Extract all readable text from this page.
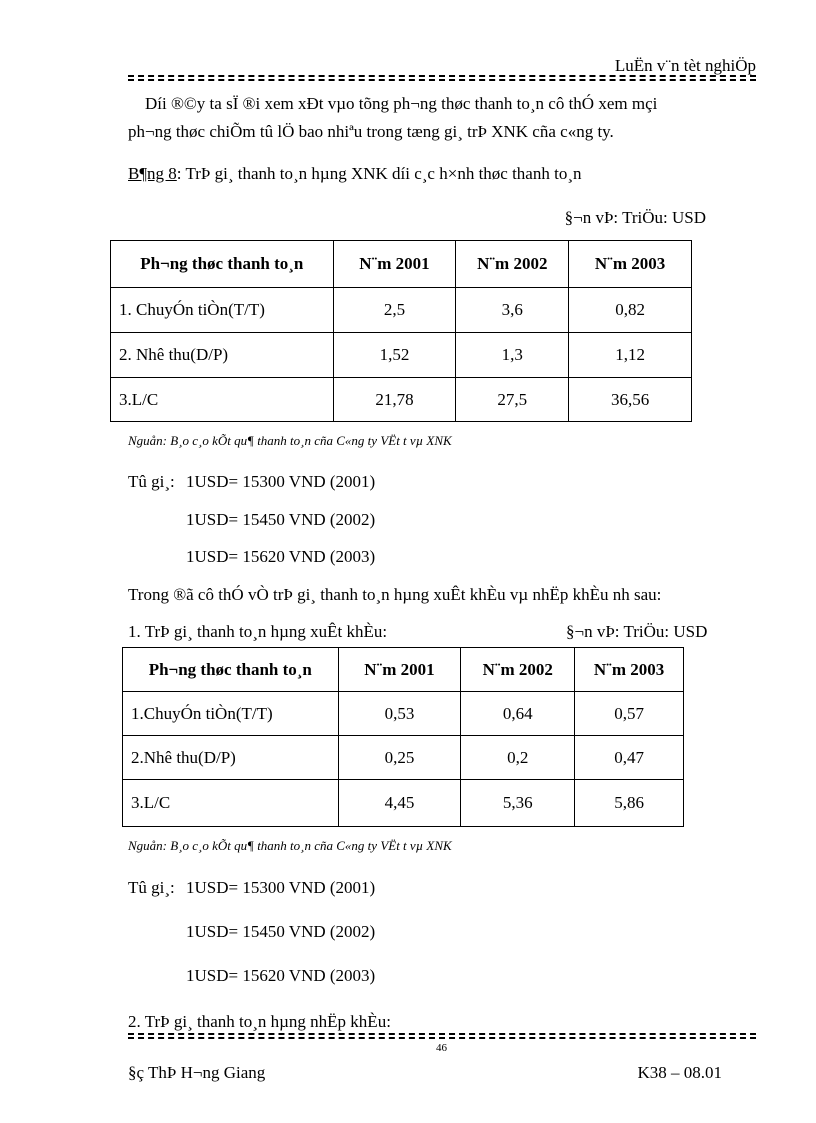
LuËn v¨n tèt nghiÖp
Díi ®©y ta sÏ ®i xem xÐt vµo tõng ph¬ng thøc thanh to¸n cô thÓ xem mçi
ph¬ng thøc chiÕm tû lÖ bao nhiªu trong tæng gi¸ trÞ XNK cña c«ng ty.
B¶ng 8: TrÞ gi¸ thanh to¸n hµng XNK díi c¸c h×nh thøc thanh to¸n
§¬n vÞ: TriÖu: USD
Ph¬ng thøc thanh to¸n	N¨m 2001	N¨m 2002	N¨m 2003
1. ChuyÓn tiÒn(T/T)	2,5	3,6	0,82
2. Nhê thu(D/P)	1,52	1,3	1,12
3.L/C	21,78	27,5	36,56
Nguån: B¸o c¸o kÕt qu¶ thanh to¸n cña C«ng ty VËt t vµ XNK
Tû gi¸: 1USD= 15300 VND (2001)
1USD= 15450 VND (2002)
1USD= 15620 VND (2003)
Trong ®ã cô thÓ vÒ trÞ gi¸ thanh to¸n hµng xuÊt khÈu vµ nhËp khÈu nh sau:
1. TrÞ gi¸ thanh to¸n hµng xuÊt khÈu:	§¬n vÞ: TriÖu: USD
Ph¬ng thøc thanh to¸n	N¨m 2001	N¨m 2002	N¨m 2003
1.ChuyÓn tiÒn(T/T)	0,53	0,64	0,57
2.Nhê thu(D/P)	0,25	0,2	0,47
3.L/C	4,45	5,36	5,86
Nguån: B¸o c¸o kÕt qu¶ thanh to¸n cña C«ng ty VËt t vµ XNK
Tû gi¸: 1USD= 15300 VND (2001)
1USD= 15450 VND (2002)
1USD= 15620 VND (2003)
2. TrÞ gi¸ thanh to¸n hµng nhËp khÈu:
46
§ç ThÞ H¬ng Giang	K38 – 08.01
